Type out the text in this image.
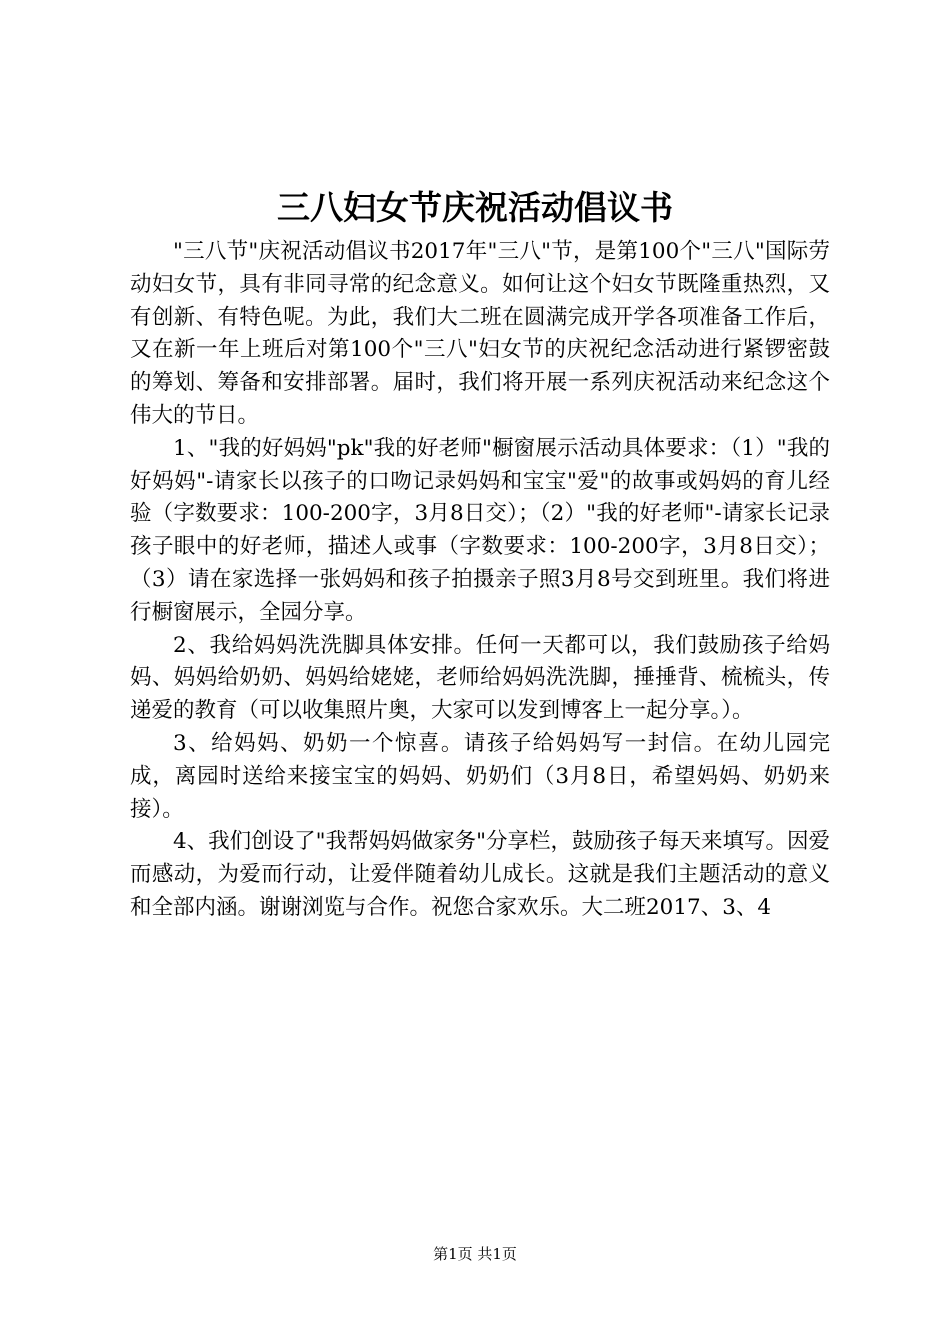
三八妇女节庆祝活动倡议书

"三八节"庆祝活动倡议书2017年"三八"节，是第100个"三八"国际劳动妇女节，具有非同寻常的纪念意义。如何让这个妇女节既隆重热烈，又有创新、有特色呢。为此，我们大二班在圆满完成开学各项准备工作后，又在新一年上班后对第100个"三八"妇女节的庆祝纪念活动进行紧锣密鼓的筹划、筹备和安排部署。届时，我们将开展一系列庆祝活动来纪念这个伟大的节日。

1、"我的好妈妈"pk"我的好老师"橱窗展示活动具体要求：（1）"我的好妈妈"-请家长以孩子的口吻记录妈妈和宝宝"爱"的故事或妈妈的育儿经验（字数要求：100-200字，3月8日交）；（2）"我的好老师"-请家长记录孩子眼中的好老师，描述人或事（字数要求：100-200字，3月8日交）；（3）请在家选择一张妈妈和孩子拍摄亲子照3月8号交到班里。我们将进行橱窗展示，全园分享。

2、我给妈妈洗洗脚具体安排。任何一天都可以，我们鼓励孩子给妈妈、妈妈给奶奶、妈妈给姥姥，老师给妈妈洗洗脚，捶捶背、梳梳头，传递爱的教育（可以收集照片奥，大家可以发到博客上一起分享。）。

3、给妈妈、奶奶一个惊喜。请孩子给妈妈写一封信。在幼儿园完成，离园时送给来接宝宝的妈妈、奶奶们（3月8日，希望妈妈、奶奶来接）。

4、我们创设了"我帮妈妈做家务"分享栏，鼓励孩子每天来填写。因爱而感动，为爱而行动，让爱伴随着幼儿成长。这就是我们主题活动的意义和全部内涵。谢谢浏览与合作。祝您合家欢乐。大二班2017、3、4

第1页 共1页
